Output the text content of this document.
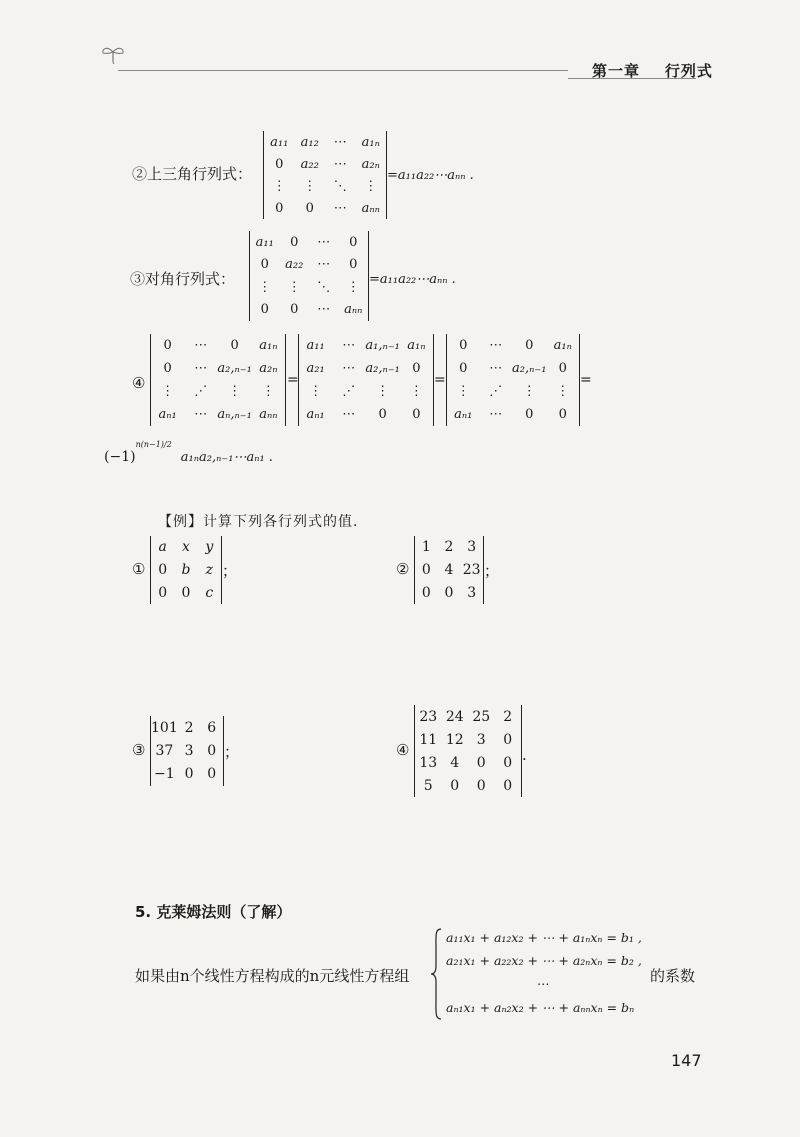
第一章 行列式
②上三角行列式：
a₁₁ a₁₂ ⋯ a₁ₙ
0 a₂₂ ⋯ a₂ₙ
⋮ ⋮ ⋱ ⋮
0 0 ⋯ aₙₙ
=a₁₁a₂₂⋯aₙₙ .
③对角行列式：
a₁₁ 0 ⋯ 0
0 a₂₂ ⋯ 0
⋮ ⋮ ⋱ ⋮
0 0 ⋯ aₙₙ
=a₁₁a₂₂⋯aₙₙ .
④
0 ⋯ 0 a₁ₙ
0 ⋯ a₂,ₙ₋₁ a₂ₙ
⋮ ⋰ ⋮ ⋮
aₙ₁ ⋯ aₙ,ₙ₋₁ aₙₙ
=
a₁₁ ⋯ a₁,ₙ₋₁ a₁ₙ
a₂₁ ⋯ a₂,ₙ₋₁ 0
⋮ ⋰ ⋮ ⋮
aₙ₁ ⋯ 0 0
=
0 ⋯ 0 a₁ₙ
0 ⋯ a₂,ₙ₋₁ 0
⋮ ⋰ ⋮ ⋮
aₙ₁ ⋯ 0 0
=
$(-1)^{n(n-1)/2}$ a₁ₙa₂,ₙ₋₁⋯aₙ₁ .
【例】计算下列各行列式的值．
①
a x y
0 b z
0 0 c
；	②
1 2 3
0 4 23
0 0 3
；
③
101 2 6
37 3 0
−1 0 0
；	④
23 24 25 2
11 12 3 0
13 4 0 0
5 0 0 0
.
5. 克莱姆法则（了解）
如果由n个线性方程构成的n元线性方程组
a₁₁x₁ + a₁₂x₂ + ⋯ + a₁ₙxₙ = b₁ ,
a₂₁x₁ + a₂₂x₂ + ⋯ + a₂ₙxₙ = b₂ ,
⋯
aₙ₁x₁ + aₙ₂x₂ + ⋯ + aₙₙxₙ = bₙ
的系数
147
